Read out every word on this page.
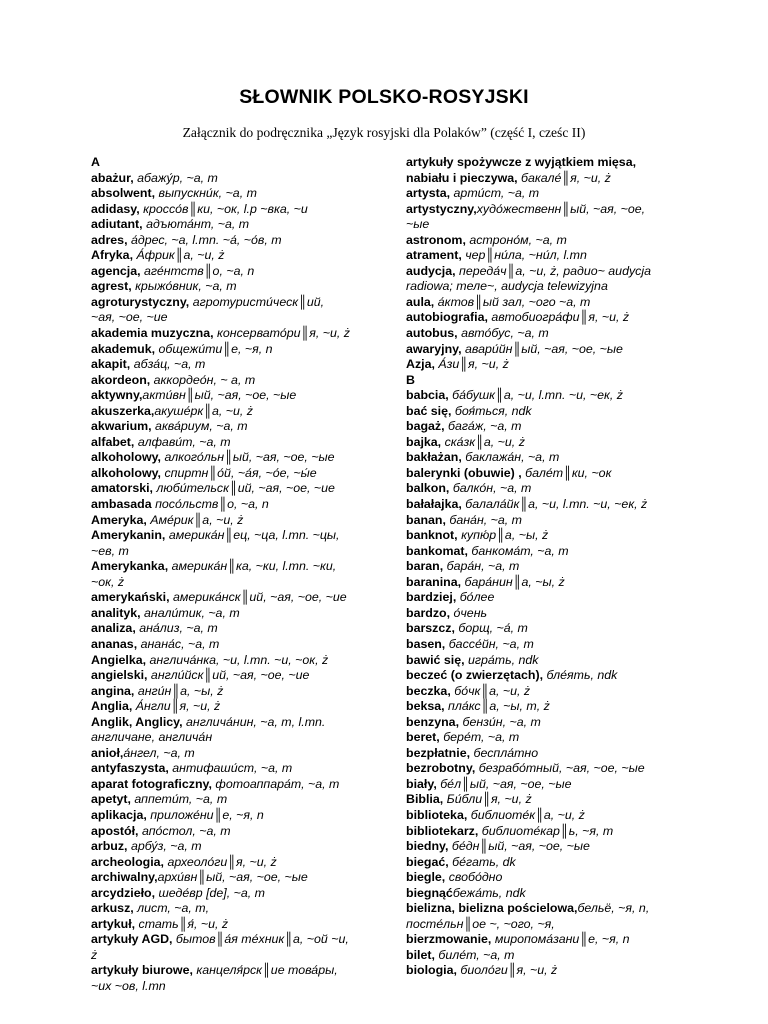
SŁOWNIK POLSKO-ROSYJSKI
Załącznik do podręcznika „Język rosyjski dla Polaków” (część I, cześc II)
A
abażur, абажу́р, ~а, m
absolwent, выпускни́к, ~а, m
adidasy, кроссо́в║ки, ~ок, l.p ~вка, ~и
adiutant, адъюта́нт, ~а, m
adres, а́дрес, ~а, l.mn. ~а́, ~о́в, m
Afryka, А́фрик║а, ~и, ż
agencja, аге́нтств║о, ~а, n
agrest, крыжо́вник, ~а, m
agroturystyczny, агротуристи́ческ║ий,
~ая, ~ое, ~ие
akademia muzyczna, консервато́ри║я, ~и, ż
akademuk, общежи́ти║е, ~я, n
akapit, абза́ц, ~а, m
akordeon, аккордео́н, ~ а, m
aktywny,акти́вн║ый, ~ая, ~ое, ~ые
akuszerka,акуше́рк║а, ~и, ż
akwarium, аква́риум, ~а, m
alfabet, алфави́т, ~а, m
alkoholowy, алкого́льн║ый, ~ая, ~ое, ~ые
alkoholowy, спиртн║о́й, ~а́я, ~о́е, ~ы́е
amatorski, люби́тельск║ий, ~ая, ~ое, ~ие
ambasada посо́льств║о, ~а, n
Ameryka, Аме́рик║а, ~и, ż
Amerykanin, америка́н║ец, ~ца, l.mn. ~цы,
~ев, m
Amerykanka, америка́н║ка, ~ки, l.mn. ~ки,
~ок, ż
amerykański, америка́нск║ий, ~ая, ~ое, ~ие
analityk, анали́тик, ~а, m
analiza, ана́лиз, ~а, m
ananas, анана́с, ~а, m
Angielka, англича́нка, ~и, l.mn. ~и, ~ок, ż
angielski, англи́йск║ий, ~ая, ~ое, ~ие
angina, анги́н║а, ~ы, ż
Anglia, А́нгли║я, ~и, ż
Anglik, Anglicy, англича́нин, ~а, m, l.mn.
англичане, англича́н
anioł,а́нгел, ~а, m
antyfaszysta, антифаши́ст, ~а, m
aparat fotograficzny, фотоаппара́т, ~а, m
apetyt, аппети́т, ~а, m
aplikacja, приложе́ни║е, ~я, n
apostół, апо́стол, ~а, m
arbuz, арбу́з, ~а, m
archeologia, археоло́ги║я, ~и, ż
archiwalny,архи́вн║ый, ~ая, ~ое, ~ые
arcydzieło, шеде́вр [de], ~а, m
arkusz, лист, ~а, m,
artykuł, стать║я́, ~и, ż
artykuły AGD, бытов║а́я те́хник║а, ~ой ~и,
ż
artykuły biurowe, канцеля́рск║ие това́ры,
~их ~ов, l.mn
artykuły spożywcze z wyjątkiem mięsa,
nabiału i pieczywa, бакале́║я, ~и, ż
artysta, арти́ст, ~а, m
artystyczny,худо́жественн║ый, ~ая, ~ое,
~ые
astronom, астроно́м, ~а, m
atrament, чер║ни́ла, ~ни́л, l.mn
audycja, переда́ч║а, ~и, ż, радио~ audycja
radiowa; теле~, audycja telewizyjna
aula, а́ктов║ый зал, ~ого ~а, m
autobiografia, автобиогра́фи║я, ~и, ż
autobus, авто́бус, ~а, m
awaryjny, авари́йн║ый, ~ая, ~ое, ~ые
Azja, А́зи║я, ~и, ż
B
babcia, ба́бушк║а, ~и, l.mn. ~и, ~ек, ż
bać się, боя́ться, ndk
bagaż, бага́ж, ~а, m
bajka, ска́зк║а, ~и, ż
bakłażan, баклажа́н, ~а, m
balerynki (obuwie) , бале́т║ки, ~ок
balkon, балко́н, ~а, m
bałałajka, балала́йк║а, ~и, l.mn. ~и, ~ек, ż
banan, бана́н, ~а, m
banknot, купю́р║а, ~ы, ż
bankomat, банкома́т, ~а, m
baran, бара́н, ~а, m
baranina, бара́нин║а, ~ы, ż
bardziej, бо́лее
bardzo, о́чень
barszcz, борщ, ~а́, m
basen, бассе́йн, ~а, m
bawić się, игра́ть, ndk
beczeć (o zwierzętach), бле́ять, ndk
beczka, бо́чк║а, ~и, ż
beksa, пла́кс║а, ~ы, m, ż
benzyna, бензи́н, ~а, m
beret, бере́т, ~а, m
bezpłatnie, беспла́тно
bezrobotny, безрабо́тный, ~ая, ~ое, ~ые
biały, бе́л║ый, ~ая, ~ое, ~ые
Biblia, Би́бли║я, ~и, ż
biblioteka, библиоте́к║а, ~и, ż
bibliotekarz, библиоте́кар║ь, ~я, m
biedny, бе́дн║ый, ~ая, ~ое, ~ые
biegać, бе́гать, dk
biegle, свобо́дно
biegnąćбежа́ть, ndk
bielizna, bielizna pościelowa,бельё, ~я, n,
посте́льн║ое ~, ~ого, ~я,
bierzmowanie, миропома́зани║е, ~я, n
bilet, биле́т, ~а, m
biologia, биоло́ги║я, ~и, ż
